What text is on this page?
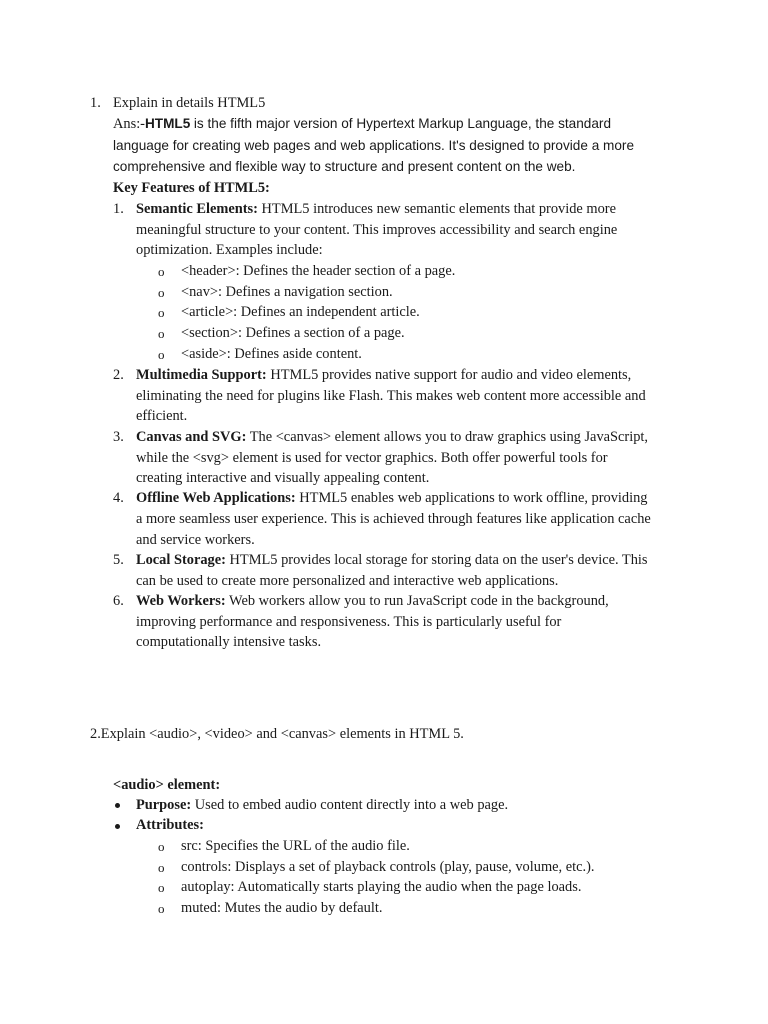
1. Explain in details HTML5
Ans:-HTML5 is the fifth major version of Hypertext Markup Language, the standard
language for creating web pages and web applications. It's designed to provide a more
comprehensive and flexible way to structure and present content on the web.
Key Features of HTML5:
1. Semantic Elements: HTML5 introduces new semantic elements that provide more
meaningful structure to your content. This improves accessibility and search engine
optimization. Examples include:
o <header>: Defines the header section of a page.
o <nav>: Defines a navigation section.
o <article>: Defines an independent article.
o <section>: Defines a section of a page.
o <aside>: Defines aside content.
2. Multimedia Support: HTML5 provides native support for audio and video elements,
eliminating the need for plugins like Flash. This makes web content more accessible and
efficient.
3. Canvas and SVG: The <canvas> element allows you to draw graphics using JavaScript,
while the <svg> element is used for vector graphics. Both offer powerful tools for
creating interactive and visually appealing content.
4. Offline Web Applications: HTML5 enables web applications to work offline, providing
a more seamless user experience. This is achieved through features like application cache
and service workers.
5. Local Storage: HTML5 provides local storage for storing data on the user's device. This
can be used to create more personalized and interactive web applications.
6. Web Workers: Web workers allow you to run JavaScript code in the background,
improving performance and responsiveness. This is particularly useful for
computationally intensive tasks.
2.Explain <audio>, <video> and <canvas> elements in HTML 5.
<audio> element:
Purpose: Used to embed audio content directly into a web page.
Attributes:
o src: Specifies the URL of the audio file.
o controls: Displays a set of playback controls (play, pause, volume, etc.).
o autoplay: Automatically starts playing the audio when the page loads.
o muted: Mutes the audio by default.
